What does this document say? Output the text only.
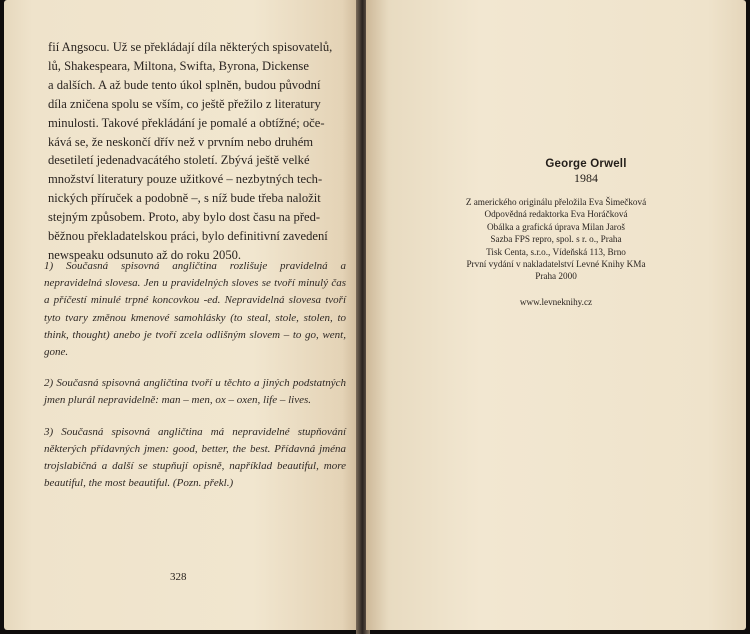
fií Angsocu. Už se překládají díla některých spisovatelů,

lů, Shakespeara, Miltona, Swifta, Byrona, Dickense

a dalších. A až bude tento úkol splněn, budou původní

díla zničena spolu se vším, co ještě přežilo z literatury

minulosti. Takové překládání je pomalé a obtížné; oče-

kává se, že neskončí dřív než v prvním nebo druhém

desetiletí jedenadvacátého století. Zbývá ještě velké

množství literatury pouze užitkové – nezbytných tech-

nických příruček a podobně –, s níž bude třeba naložit

stejným způsobem. Proto, aby bylo dost času na před-

běžnou překladatelskou práci, bylo definitivní zavedení

newspeaku odsunuto až do roku 2050.

1) Současná spisovná angličtina rozlišuje pravidelná a nepravidelná slovesa. Jen u pravidelných sloves se tvoří minulý čas a příčestí minulé trpné koncovkou -ed. Nepravidelná slovesa tvoří tyto tvary změnou kmenové samohlásky (to steal, stole, stolen, to think, thought) anebo je tvoří zcela odlišným slovem – to go, went, gone.

2) Současná spisovná angličtina tvoří u těchto a jiných podstatných jmen plurál nepravidelně: man – men, ox – oxen, life – lives.

3) Současná spisovná angličtina má nepravidelné stupňování některých přídavných jmen: good, better, the best. Přídavná jména trojslabičná a další se stupňují opisně, například beautiful, more beautiful, the most beautiful. (Pozn. překl.)

328
George Orwell
1984
Z amerického originálu přeložila Eva Šimečková
Odpovědná redaktorka Eva Horáčková
Obálka a grafická úprava Milan Jaroš
Sazba FPS repro, spol. s r. o., Praha
Tisk Centa, s.r.o., Vídeňská 113, Brno
První vydání v nakladatelství Levné Knihy KMa
Praha 2000
www.levneknihy.cz
